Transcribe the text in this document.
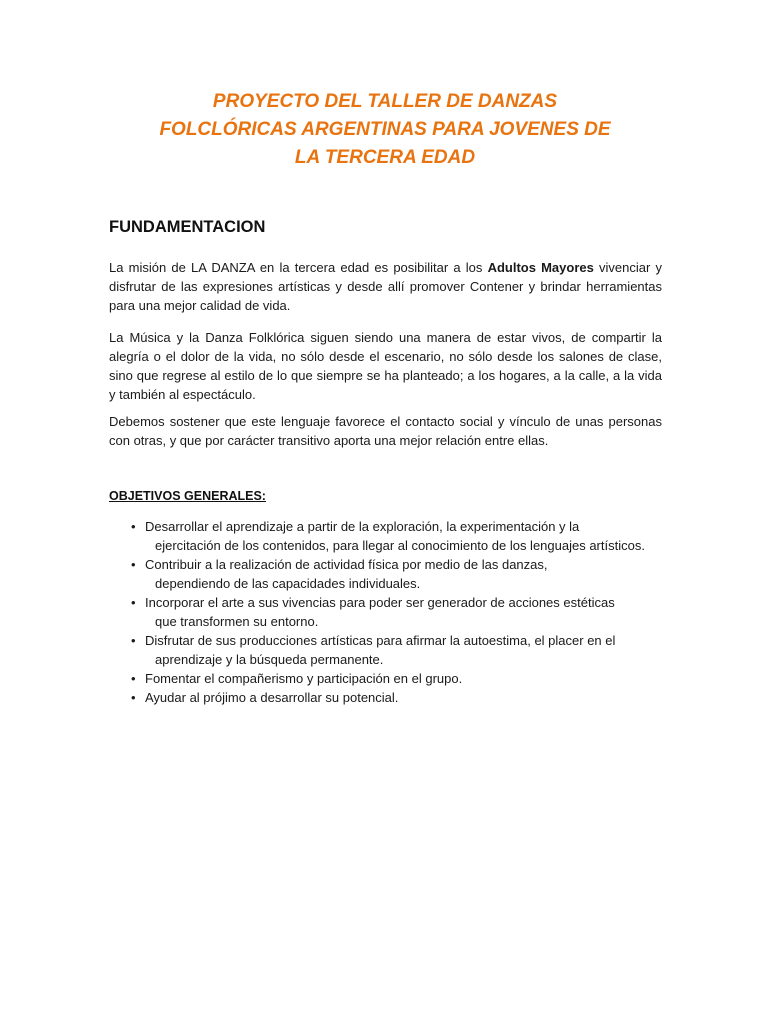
PROYECTO DEL TALLER DE DANZAS
FOLCLÓRICAS ARGENTINAS PARA JOVENES DE
LA TERCERA EDAD
FUNDAMENTACION

La misión de LA DANZA en la tercera edad es posibilitar a los Adultos Mayores vivenciar y disfrutar de las expresiones artísticas y desde allí promover Contener y brindar herramientas para una mejor calidad de vida.

La Música y la Danza Folklórica siguen siendo una manera de estar vivos, de compartir la alegría o el dolor de la vida, no sólo desde el escenario, no sólo desde los salones de clase, sino que regrese al estilo de lo que siempre se ha planteado; a los hogares, a la calle, a la vida y también al espectáculo.

Debemos sostener que este lenguaje favorece el contacto social y vínculo de unas personas con otras, y que por carácter transitivo aporta una mejor relación entre ellas.

OBJETIVOS GENERALES:
• Desarrollar el aprendizaje a partir de la exploración, la experimentación y la
ejercitación de los contenidos, para llegar al conocimiento de los lenguajes artísticos.
• Contribuir a la realización de actividad física por medio de las danzas,
dependiendo de las capacidades individuales.
• Incorporar el arte a sus vivencias para poder ser generador de acciones estéticas
que transformen su entorno.
• Disfrutar de sus producciones artísticas para afirmar la autoestima, el placer en el
aprendizaje y la búsqueda permanente.
• Fomentar el compañerismo y participación en el grupo.
• Ayudar al prójimo a desarrollar su potencial.
